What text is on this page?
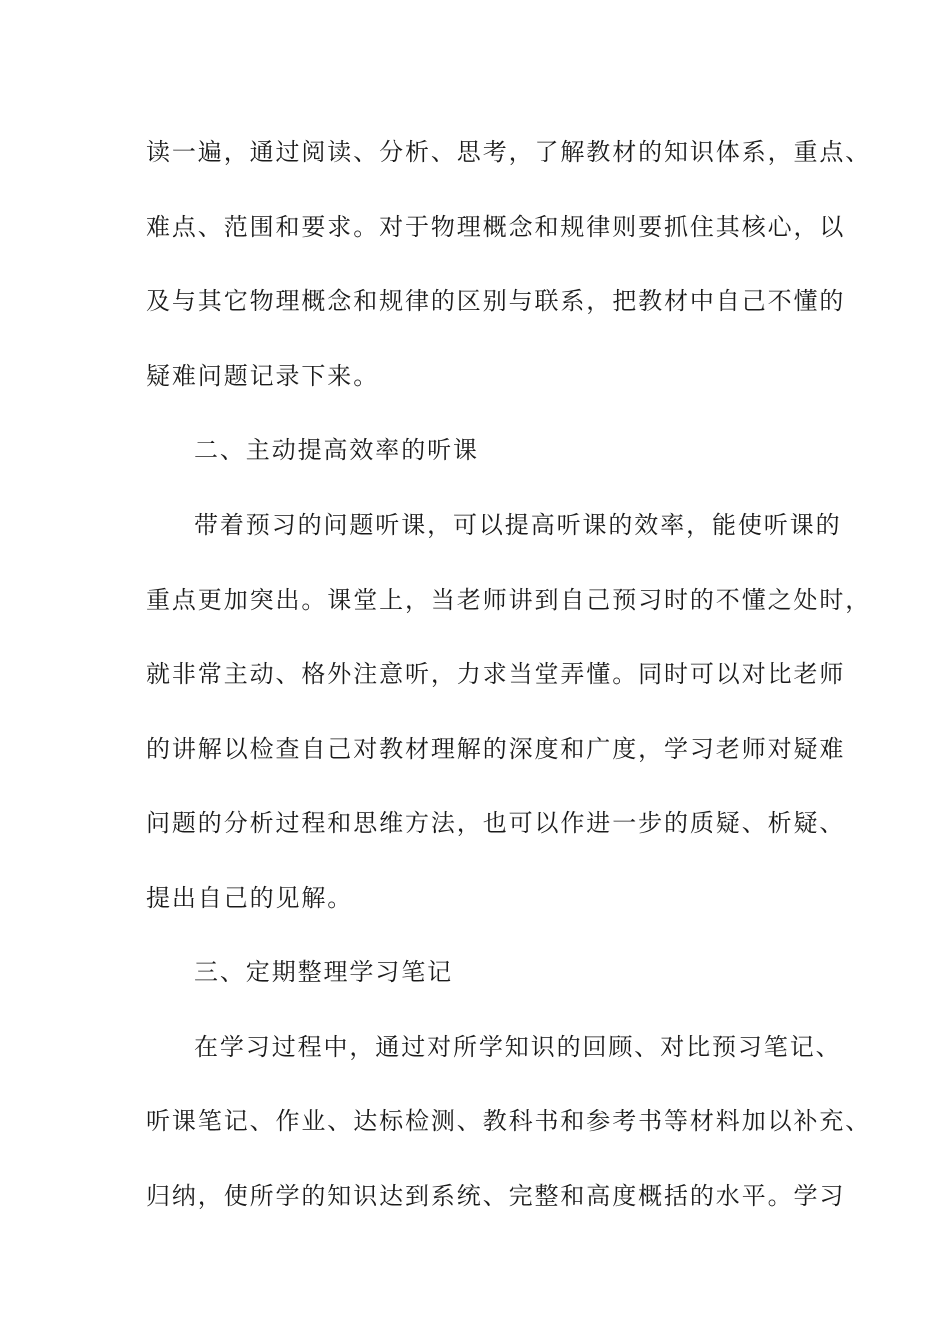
读一遍，通过阅读、分析、思考，了解教材的知识体系，重点、
难点、范围和要求。对于物理概念和规律则要抓住其核心，以
及与其它物理概念和规律的区别与联系，把教材中自己不懂的
疑难问题记录下来。
二、主动提高效率的听课
带着预习的问题听课，可以提高听课的效率，能使听课的
重点更加突出。课堂上，当老师讲到自己预习时的不懂之处时，
就非常主动、格外注意听，力求当堂弄懂。同时可以对比老师
的讲解以检查自己对教材理解的深度和广度，学习老师对疑难
问题的分析过程和思维方法，也可以作进一步的质疑、析疑、
提出自己的见解。
三、定期整理学习笔记
在学习过程中，通过对所学知识的回顾、对比预习笔记、
听课笔记、作业、达标检测、教科书和参考书等材料加以补充、
归纳，使所学的知识达到系统、完整和高度概括的水平。学习
